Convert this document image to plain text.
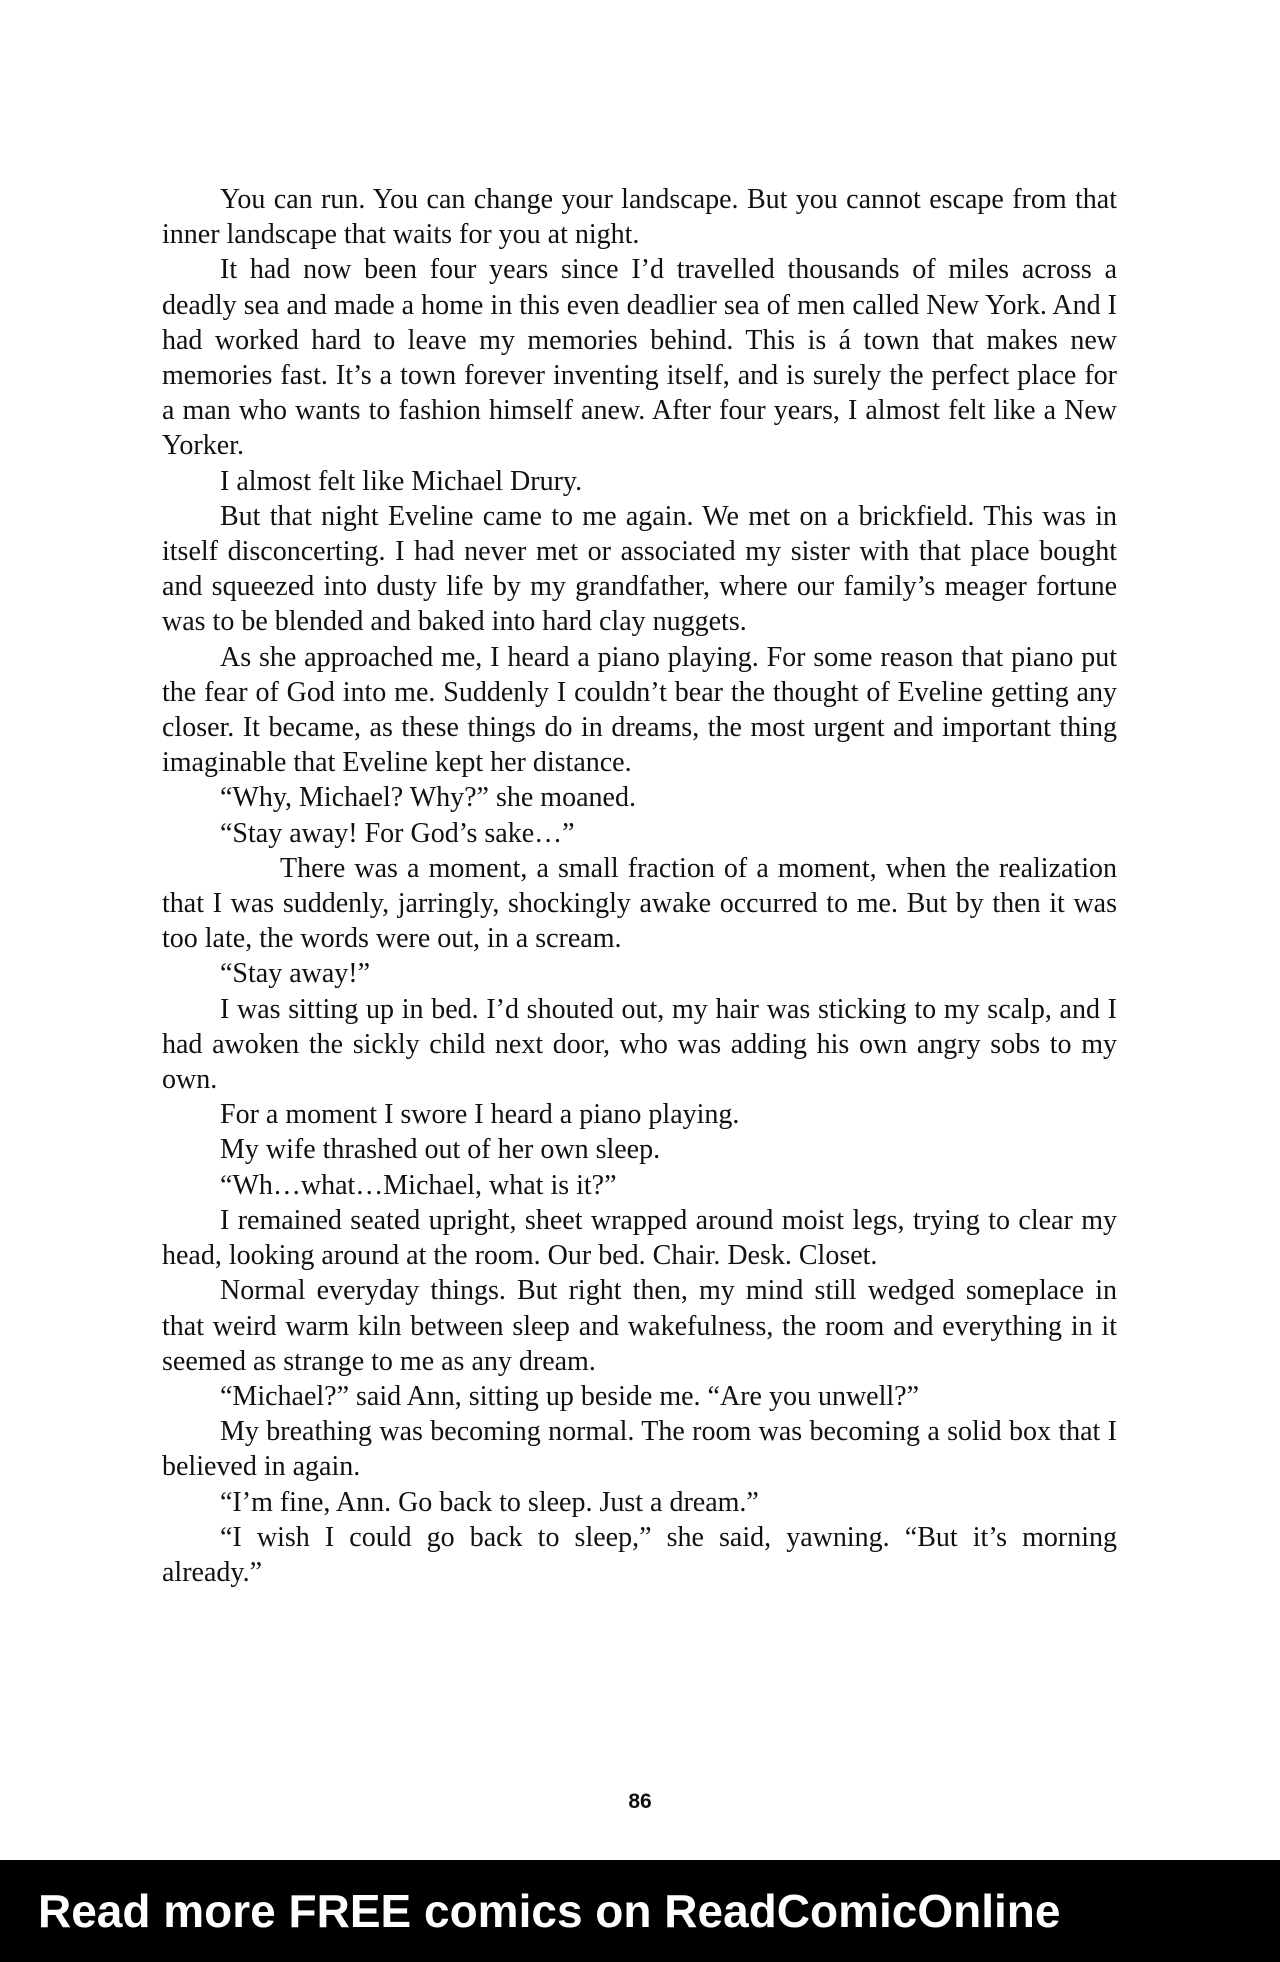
You can run. You can change your landscape. But you cannot escape from that inner landscape that waits for you at night.

It had now been four years since I’d travelled thousands of miles across a deadly sea and made a home in this even deadlier sea of men called New York. And I had worked hard to leave my memories behind. This is á town that makes new memories fast. It’s a town forever inventing itself, and is surely the perfect place for a man who wants to fashion himself anew. After four years, I almost felt like a New Yorker.

I almost felt like Michael Drury.

But that night Eveline came to me again. We met on a brickfield. This was in itself disconcerting. I had never met or associated my sister with that place bought and squeezed into dusty life by my grandfather, where our family’s meager fortune was to be blended and baked into hard clay nuggets.

As she approached me, I heard a piano playing. For some reason that piano put the fear of God into me. Suddenly I couldn’t bear the thought of Eveline getting any closer. It became, as these things do in dreams, the most urgent and important thing imaginable that Eveline kept her distance.

“Why, Michael? Why?” she moaned.

“Stay away! For God’s sake…”

There was a moment, a small fraction of a moment, when the realization that I was suddenly, jarringly, shockingly awake occurred to me. But by then it was too late, the words were out, in a scream.

“Stay away!”

I was sitting up in bed. I’d shouted out, my hair was sticking to my scalp, and I had awoken the sickly child next door, who was adding his own angry sobs to my own.

For a moment I swore I heard a piano playing.

My wife thrashed out of her own sleep.

“Wh…what…Michael, what is it?”

I remained seated upright, sheet wrapped around moist legs, trying to clear my head, looking around at the room. Our bed. Chair. Desk. Closet.

Normal everyday things. But right then, my mind still wedged someplace in that weird warm kiln between sleep and wakefulness, the room and everything in it seemed as strange to me as any dream.

“Michael?” said Ann, sitting up beside me. “Are you unwell?”

My breathing was becoming normal. The room was becoming a solid box that I believed in again.

“I’m fine, Ann. Go back to sleep. Just a dream.”

“I wish I could go back to sleep,” she said, yawning. “But it’s morning already.”

86
Read more FREE comics on ReadComicOnline
